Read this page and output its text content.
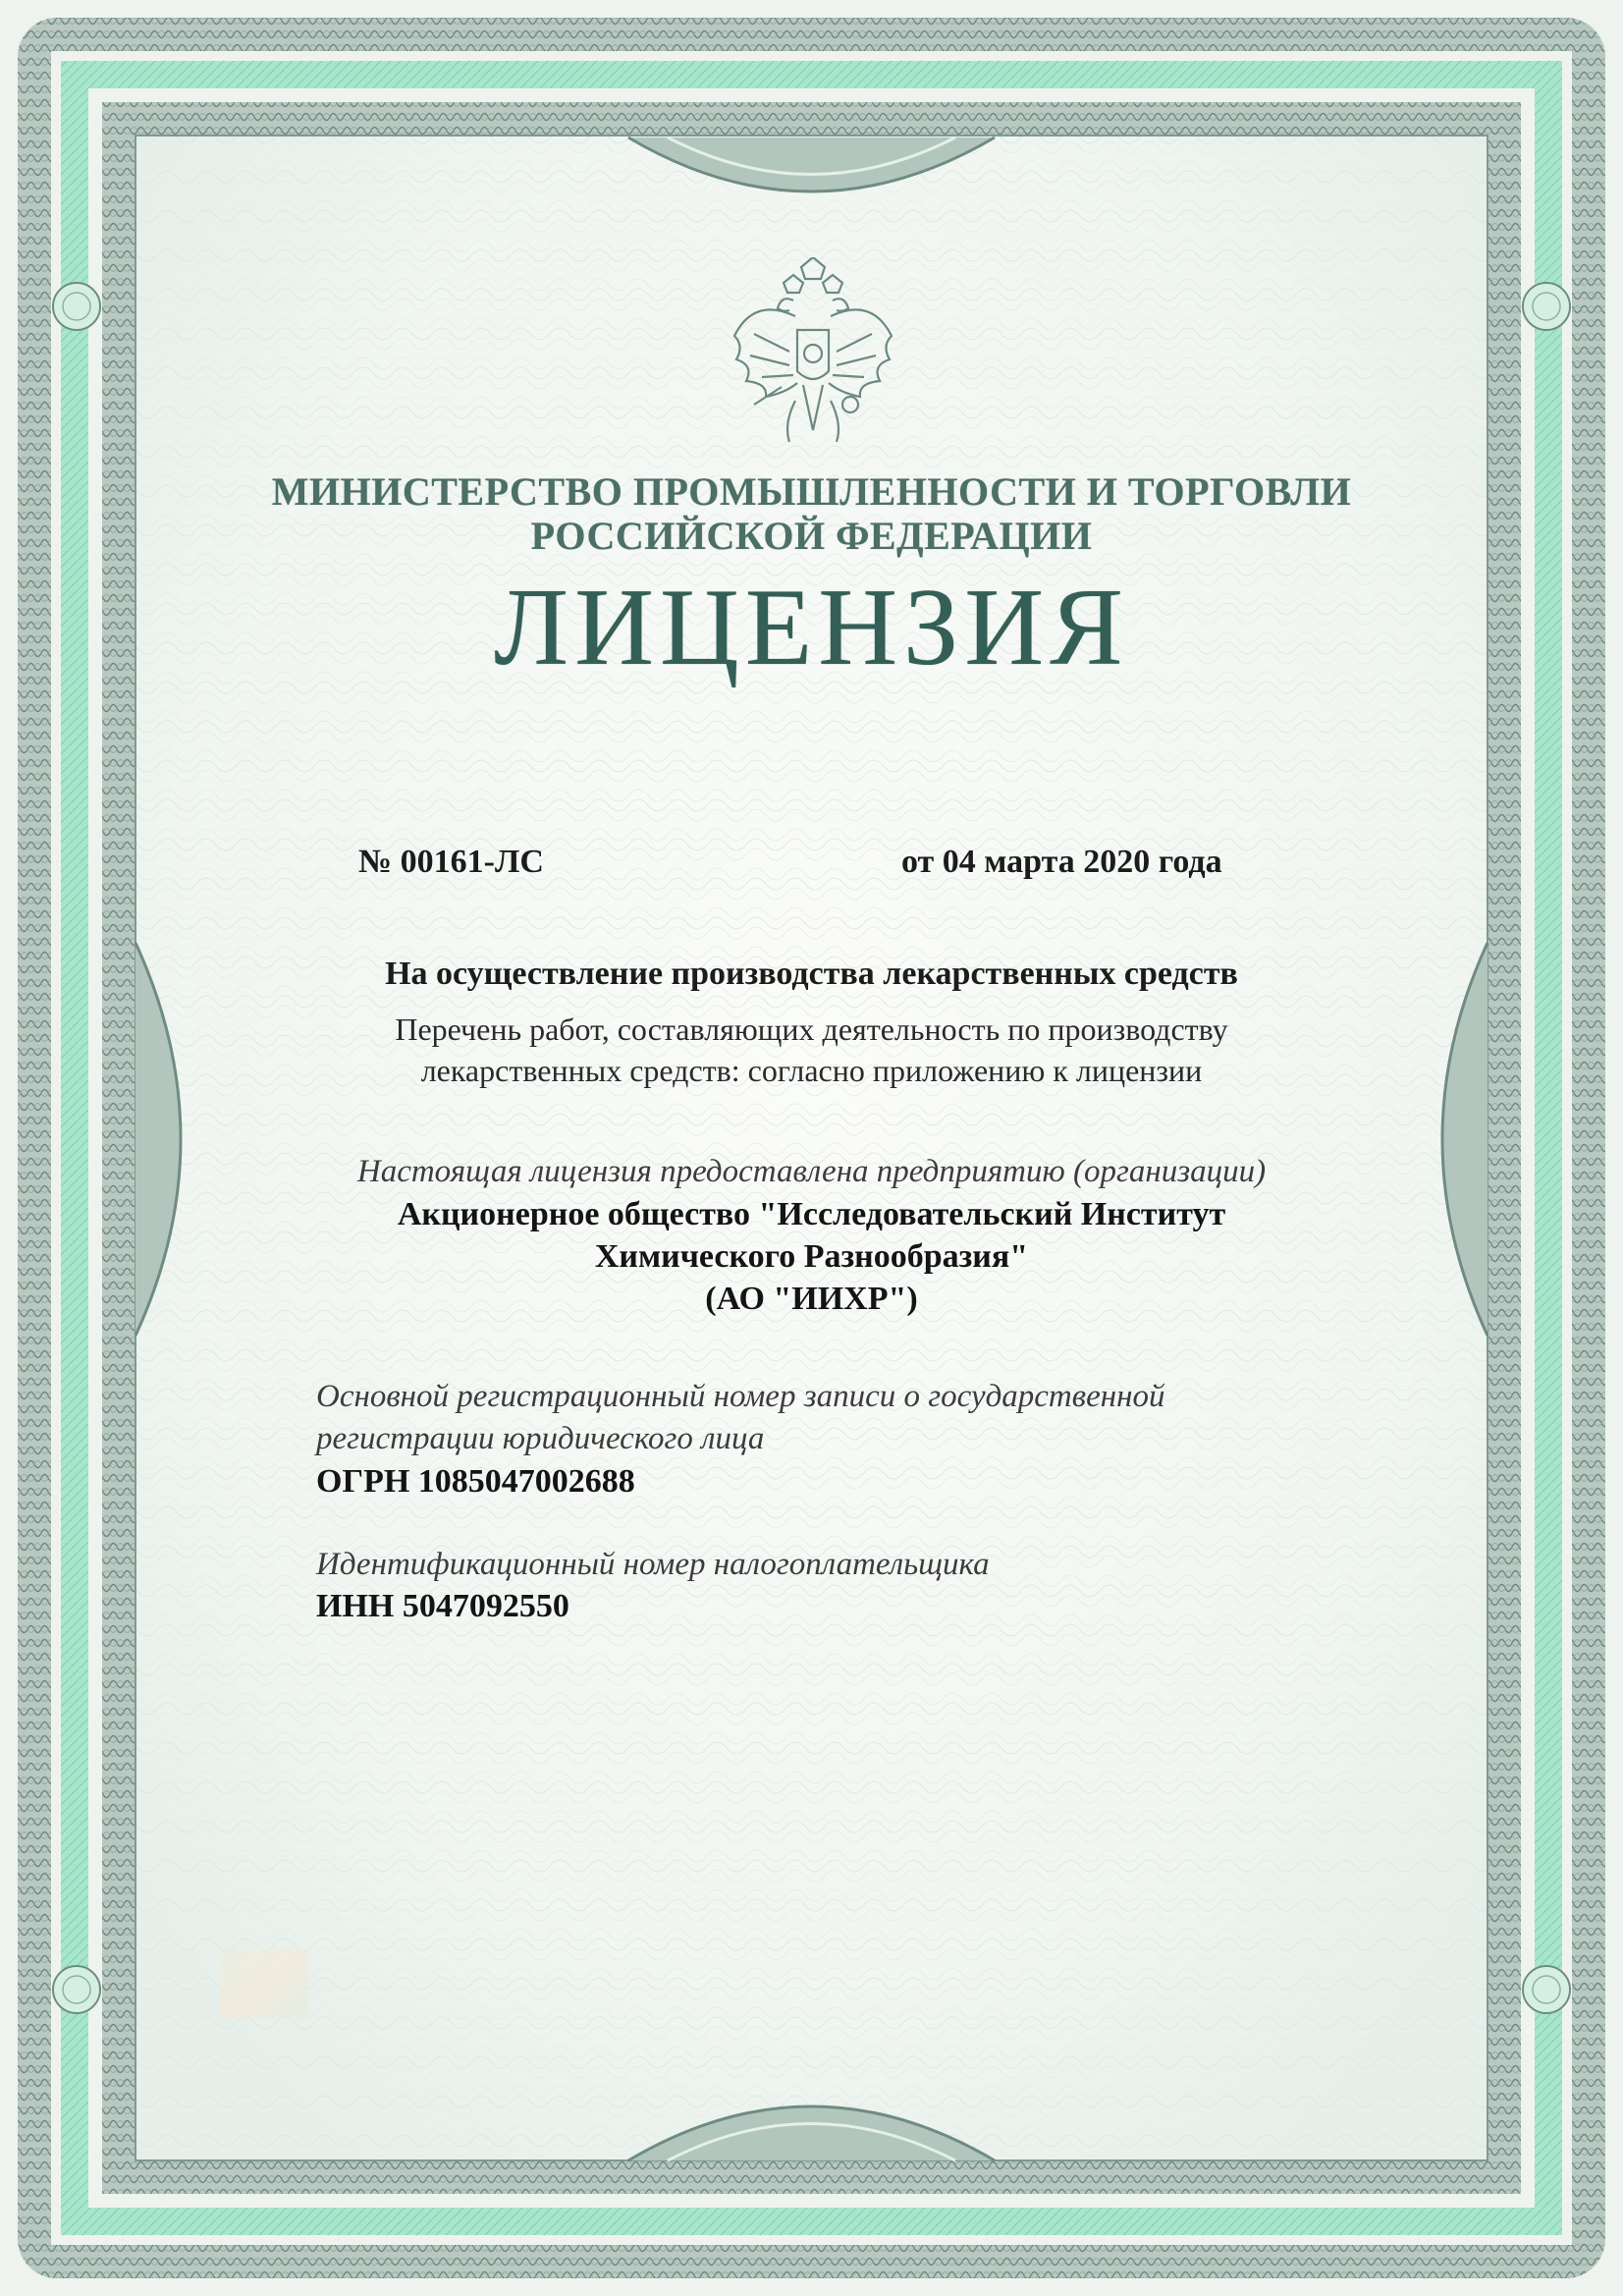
МИНИСТЕРСТВО ПРОМЫШЛЕННОСТИ И ТОРГОВЛИ

РОССИЙСКОЙ ФЕДЕРАЦИИ

ЛИЦЕНЗИЯ

№ 00161-ЛС	от 04 марта 2020 года

На осуществление производства лекарственных средств

Перечень работ, составляющих деятельность по производству

лекарственных средств: согласно приложению к лицензии

Настоящая лицензия предоставлена предприятию (организации)

Акционерное общество "Исследовательский Институт

Химического Разнообразия"

(АО "ИИХР")

Основной регистрационный номер записи о государственной

регистрации юридического лица

ОГРН 1085047002688

Идентификационный номер налогоплательщика

ИНН 5047092550
